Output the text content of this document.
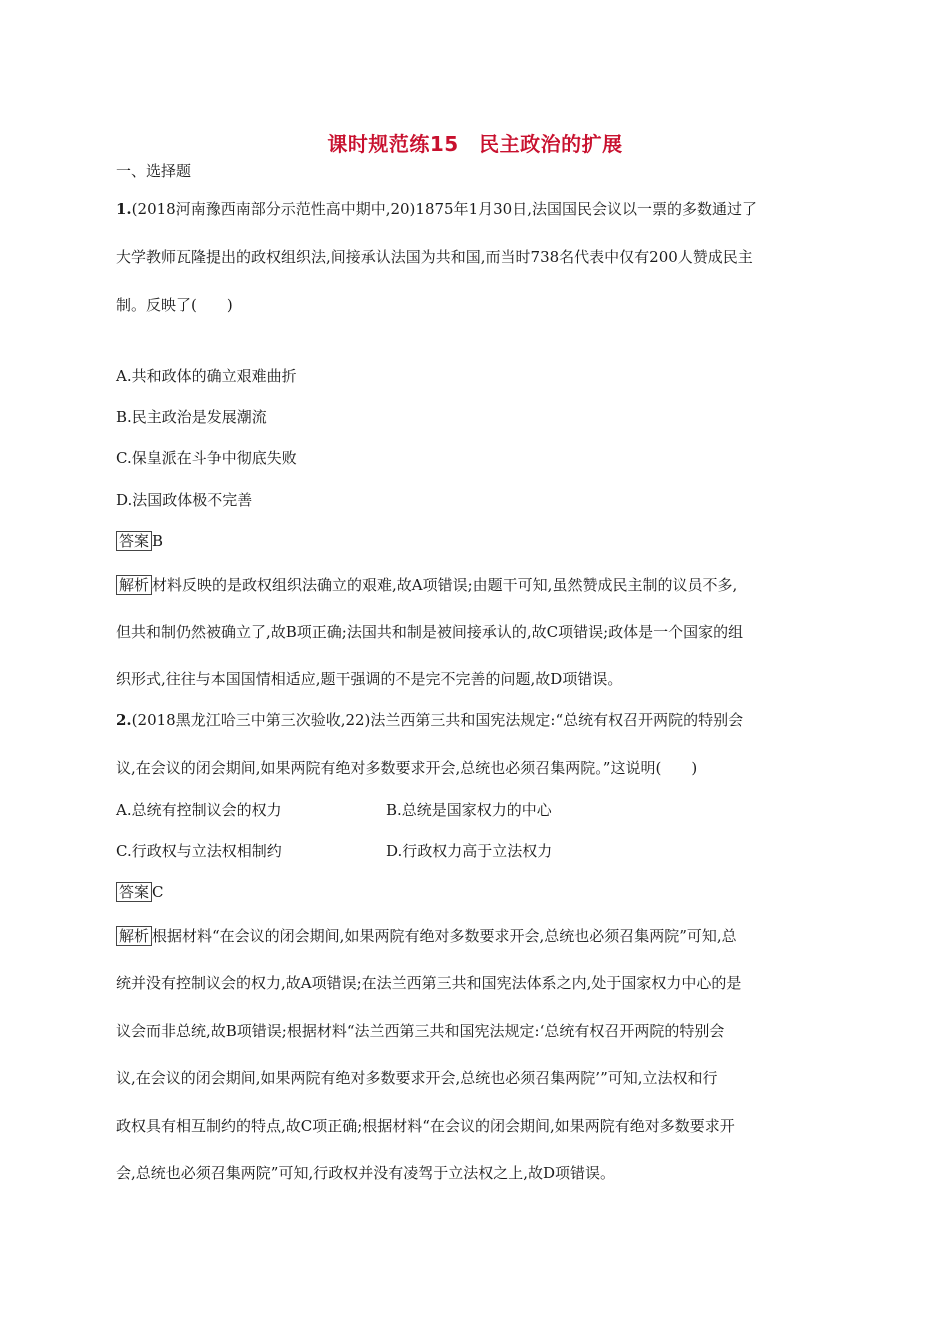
课时规范练15　民主政治的扩展
一、选择题
1.(2018河南豫西南部分示范性高中期中,20)1875年1月30日,法国国民会议以一票的多数通过了
大学教师瓦隆提出的政权组织法,间接承认法国为共和国,而当时738名代表中仅有200人赞成民主
制。反映了(　　)
A.共和政体的确立艰难曲折
B.民主政治是发展潮流
C.保皇派在斗争中彻底失败
D.法国政体极不完善
答案 B
解析 材料反映的是政权组织法确立的艰难,故A项错误;由题干可知,虽然赞成民主制的议员不多,
但共和制仍然被确立了,故B项正确;法国共和制是被间接承认的,故C项错误;政体是一个国家的组
织形式,往往与本国国情相适应,题干强调的不是完不完善的问题,故D项错误。
2.(2018黑龙江哈三中第三次验收,22)法兰西第三共和国宪法规定:“总统有权召开两院的特别会
议,在会议的闭会期间,如果两院有绝对多数要求开会,总统也必须召集两院。”这说明(　　)
A.总统有控制议会的权力	B.总统是国家权力的中心
C.行政权与立法权相制约	D.行政权力高于立法权力
答案 C
解析 根据材料“在会议的闭会期间,如果两院有绝对多数要求开会,总统也必须召集两院”可知,总
统并没有控制议会的权力,故A项错误;在法兰西第三共和国宪法体系之内,处于国家权力中心的是
议会而非总统,故B项错误;根据材料“法兰西第三共和国宪法规定:‘总统有权召开两院的特别会
议,在会议的闭会期间,如果两院有绝对多数要求开会,总统也必须召集两院’”可知,立法权和行
政权具有相互制约的特点,故C项正确;根据材料“在会议的闭会期间,如果两院有绝对多数要求开
会,总统也必须召集两院”可知,行政权并没有凌驾于立法权之上,故D项错误。
